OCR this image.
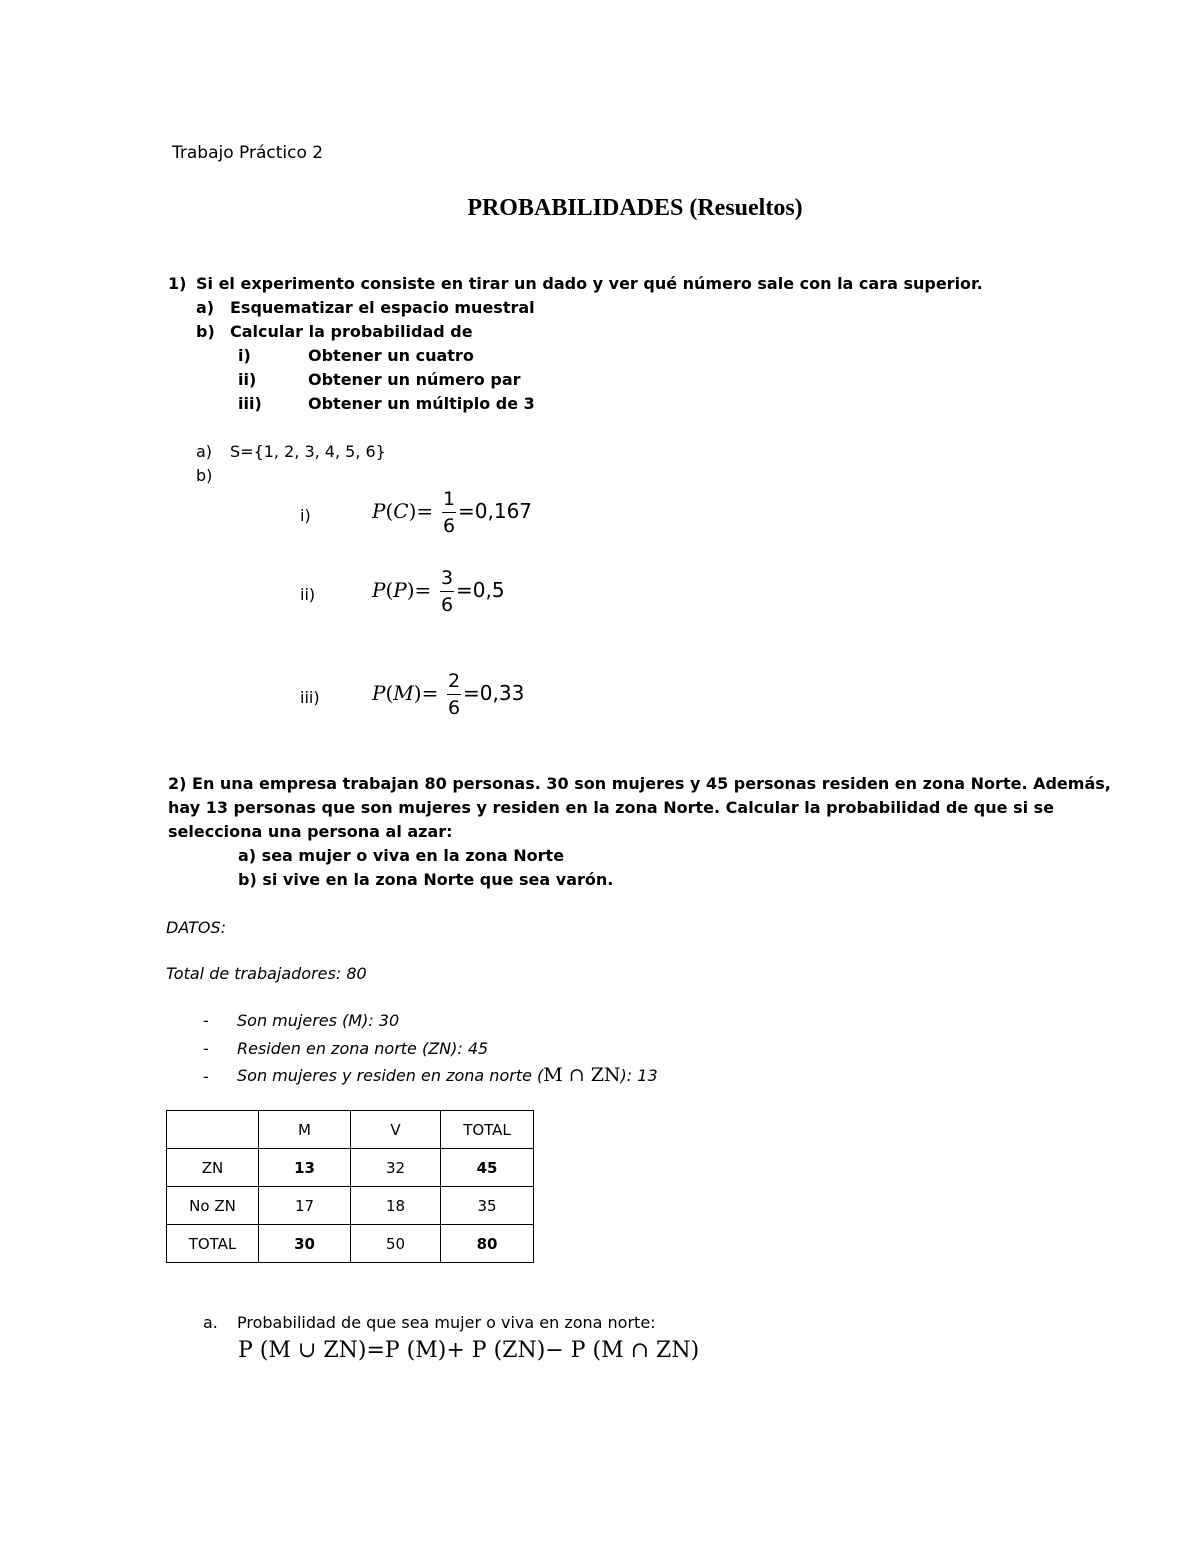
Trabajo Práctico 2
PROBABILIDADES (Resueltos)
1) Si el experimento consiste en tirar un dado y ver qué número sale con la cara superior.
a) Esquematizar el espacio muestral
b) Calcular la probabilidad de
i)	Obtener un cuatro
ii)	Obtener un número par
iii)	Obtener un múltiplo de 3
a) S={1, 2, 3, 4, 5, 6}
b)
i)	P(C)= 1
6
=0,167
ii)	P(P)= 3
6
=0,5
iii)	P(M)= 2
6
=0,33
2) En una empresa trabajan 80 personas. 30 son mujeres y 45 personas residen en zona Norte. Además,
hay 13 personas que son mujeres y residen en la zona Norte. Calcular la probabilidad de que si se
selecciona una persona al azar:
a) sea mujer o viva en la zona Norte
b) si vive en la zona Norte que sea varón.
DATOS:
Total de trabajadores: 80
- Son mujeres (M): 30
- Residen en zona norte (ZN): 45
- Son mujeres y residen en zona norte (M ∩ ZN): 13
	M	V	TOTAL
ZN	13	32	45
No ZN	17	18	35
TOTAL	30	50	80
a. Probabilidad de que sea mujer o viva en zona norte:
P (M ∪ ZN)=P (M)+ P (ZN)− P (M ∩ ZN)
